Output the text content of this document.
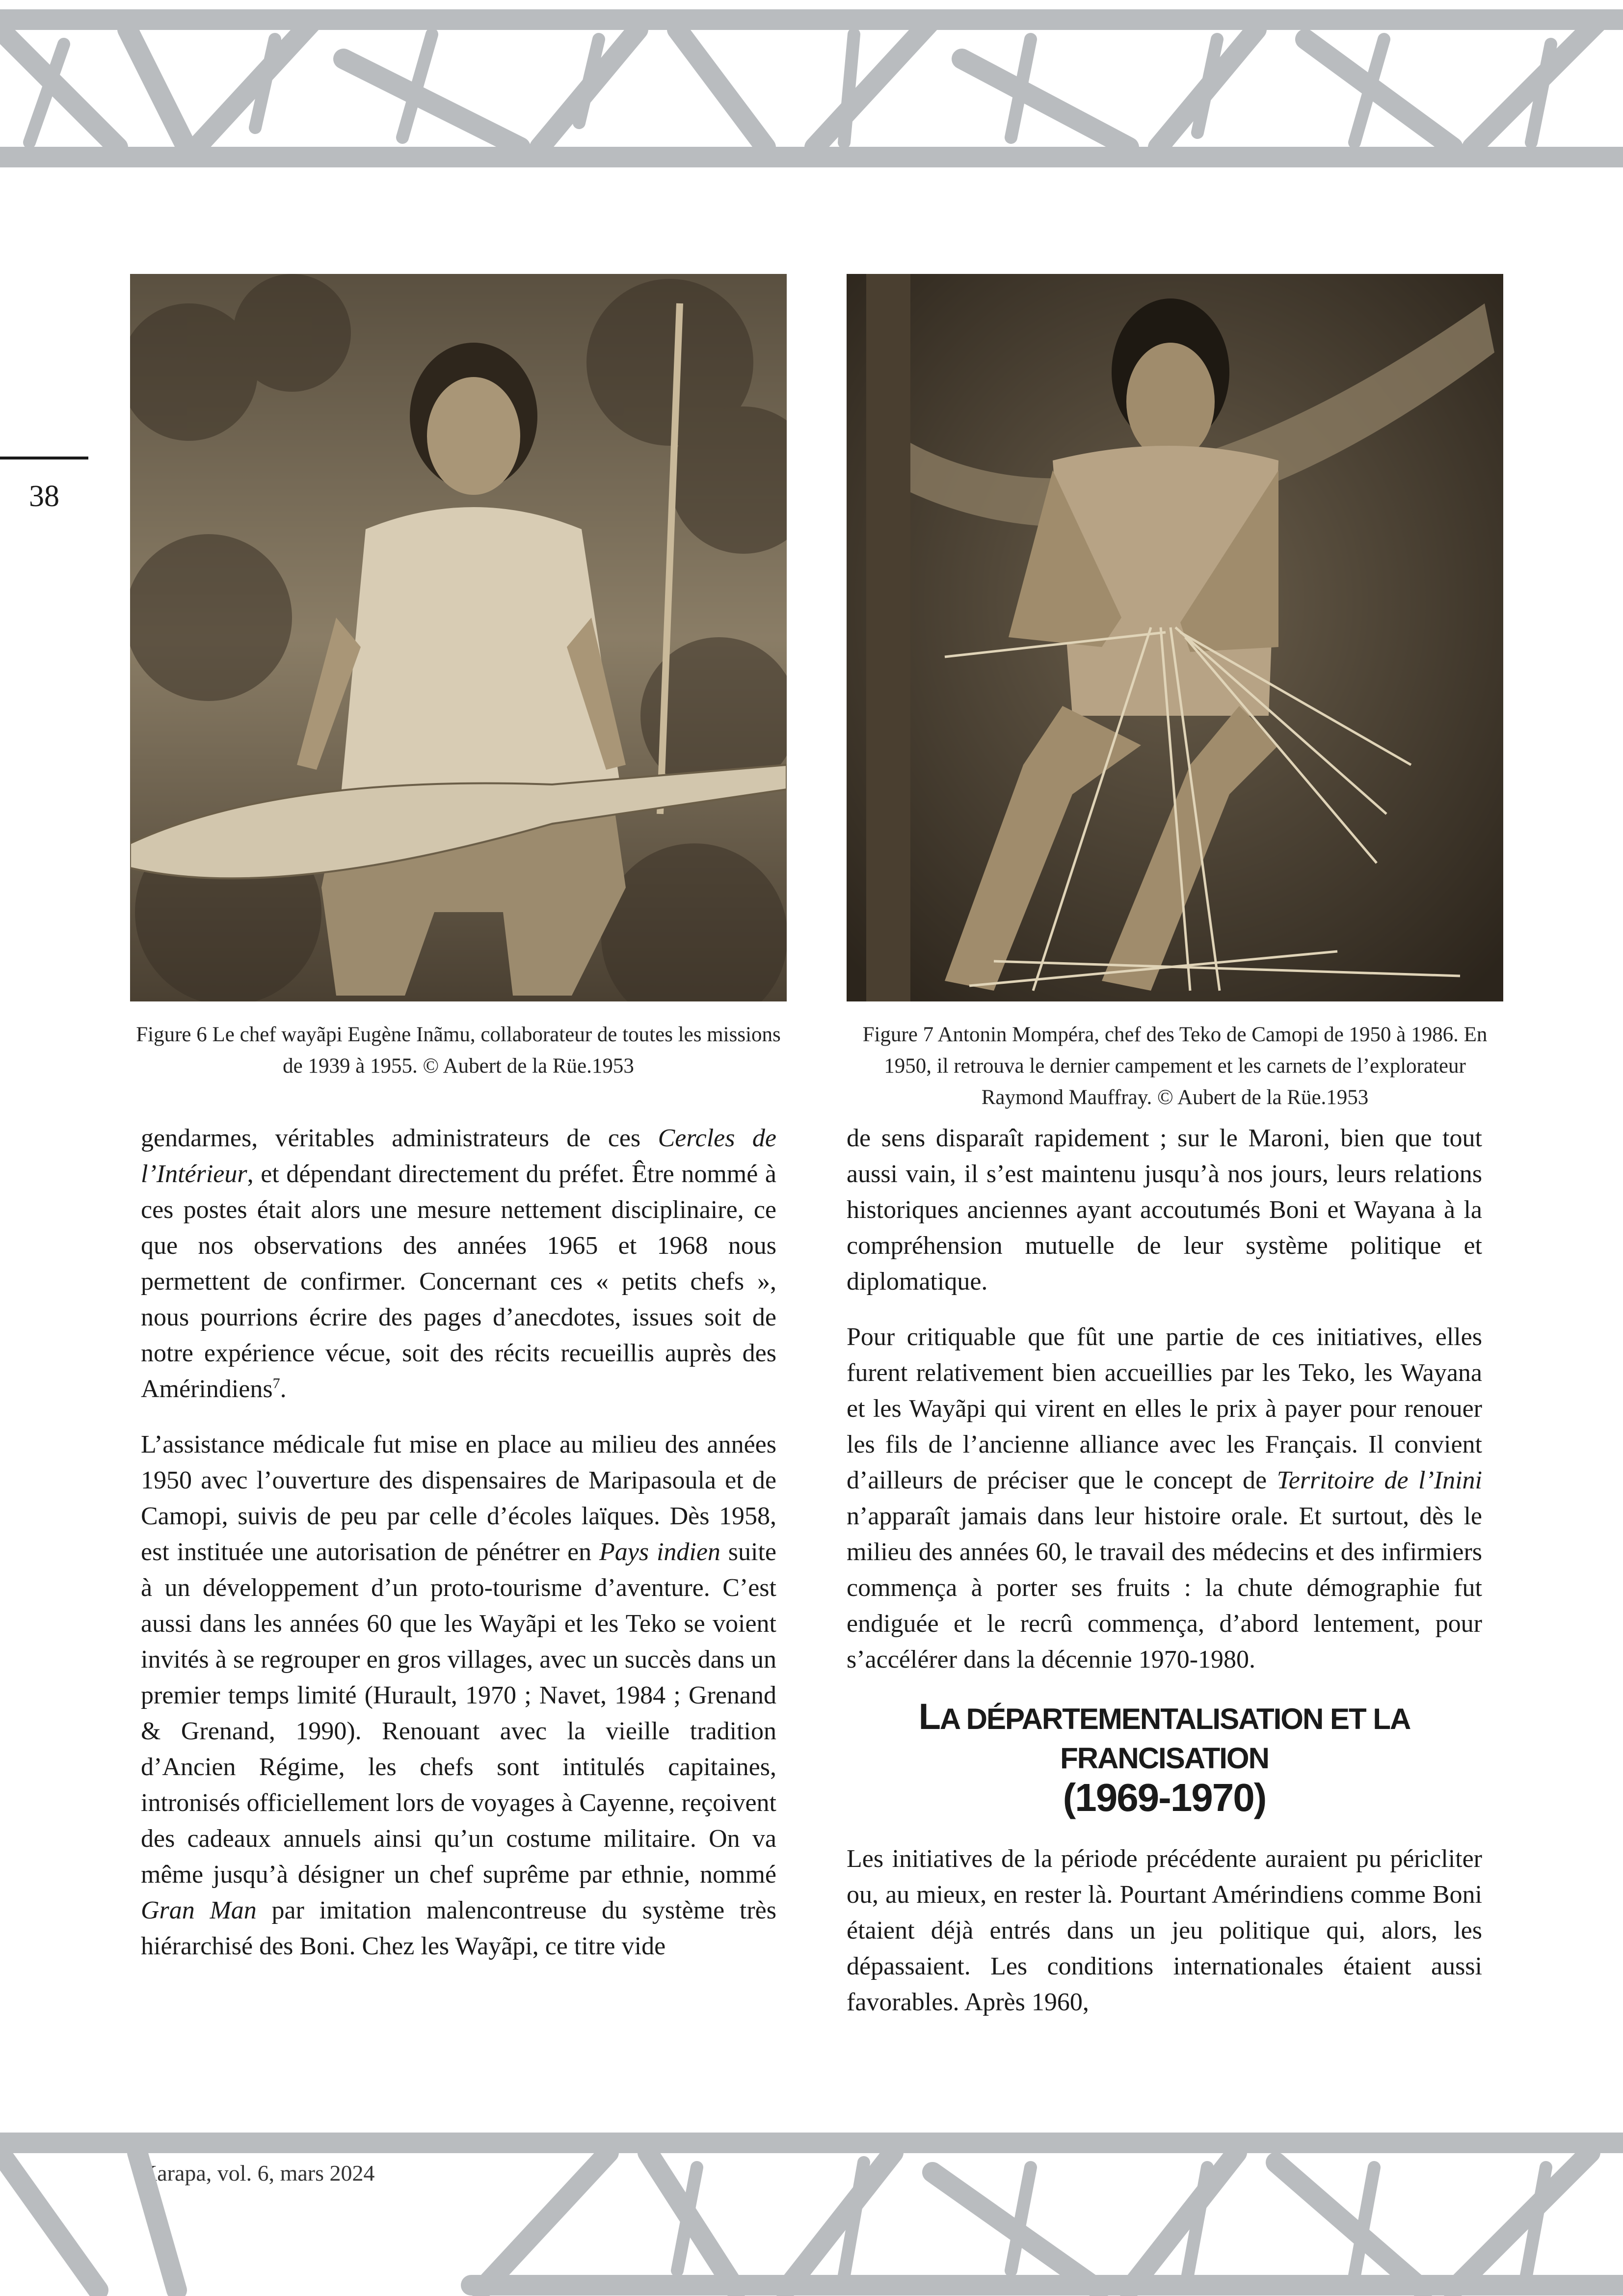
38
Figure 6 Le chef wayãpi Eugène Inãmu, collaborateur de toutes les missions de 1939 à 1955. © Aubert de la Rüe.1953
Figure 7 Antonin Mompéra, chef des Teko de Camopi de 1950 à 1986. En 1950, il retrouva le dernier campement et les carnets de l’explorateur Raymond Mauffray. © Aubert de la Rüe.1953

gendarmes, véritables administrateurs de ces Cercles de l’Intérieur, et dépendant directement du préfet. Être nommé à ces postes était alors une mesure nettement disciplinaire, ce que nos observations des années 1965 et 1968 nous permettent de confirmer. Concernant ces « petits chefs », nous pourrions écrire des pages d’anecdotes, issues soit de notre expérience vécue, soit des récits recueillis auprès des Amérindiens$^7$.

L’assistance médicale fut mise en place au milieu des années 1950 avec l’ouverture des dispensaires de Maripasoula et de Camopi, suivis de peu par celle d’écoles laïques. Dès 1958, est instituée une autorisation de pénétrer en Pays indien suite à un développement d’un proto-tourisme d’aventure. C’est aussi dans les années 60 que les Wayãpi et les Teko se voient invités à se regrouper en gros villages, avec un succès dans un premier temps limité (Hurault, 1970 ; Navet, 1984 ; Grenand & Grenand, 1990). Renouant avec la vieille tradition d’Ancien Régime, les chefs sont intitulés capitaines, intronisés officiellement lors de voyages à Cayenne, reçoivent des cadeaux annuels ainsi qu’un costume militaire. On va même jusqu’à désigner un chef suprême par ethnie, nommé Gran Man par imitation malencontreuse du système très hiérarchisé des Boni. Chez les Wayãpi, ce titre vide

de sens disparaît rapidement ; sur le Maroni, bien que tout aussi vain, il s’est maintenu jusqu’à nos jours, leurs relations historiques anciennes ayant accoutumés Boni et Wayana à la compréhension mutuelle de leur système politique et diplomatique.

Pour critiquable que fût une partie de ces initiatives, elles furent relativement bien accueillies par les Teko, les Wayana et les Wayãpi qui virent en elles le prix à payer pour renouer les fils de l’ancienne alliance avec les Français. Il convient d’ailleurs de préciser que le concept de Territoire de l’Inini n’apparaît jamais dans leur histoire orale. Et surtout, dès le milieu des années 60, le travail des médecins et des infirmiers commença à porter ses fruits : la chute démographie fut endiguée et le recrû commença, d’abord lentement, pour s’accélérer dans la décennie 1970-1980.

LA DÉPARTEMENTALISATION ET LA FRANCISATION
(1969-1970)

Les initiatives de la période précédente auraient pu péricliter ou, au mieux, en rester là. Pourtant Amérindiens comme Boni étaient déjà entrés dans un jeu politique qui, alors, les dépassaient. Les conditions internationales étaient aussi favorables. Après 1960,

Karapa, vol. 6, mars 2024
